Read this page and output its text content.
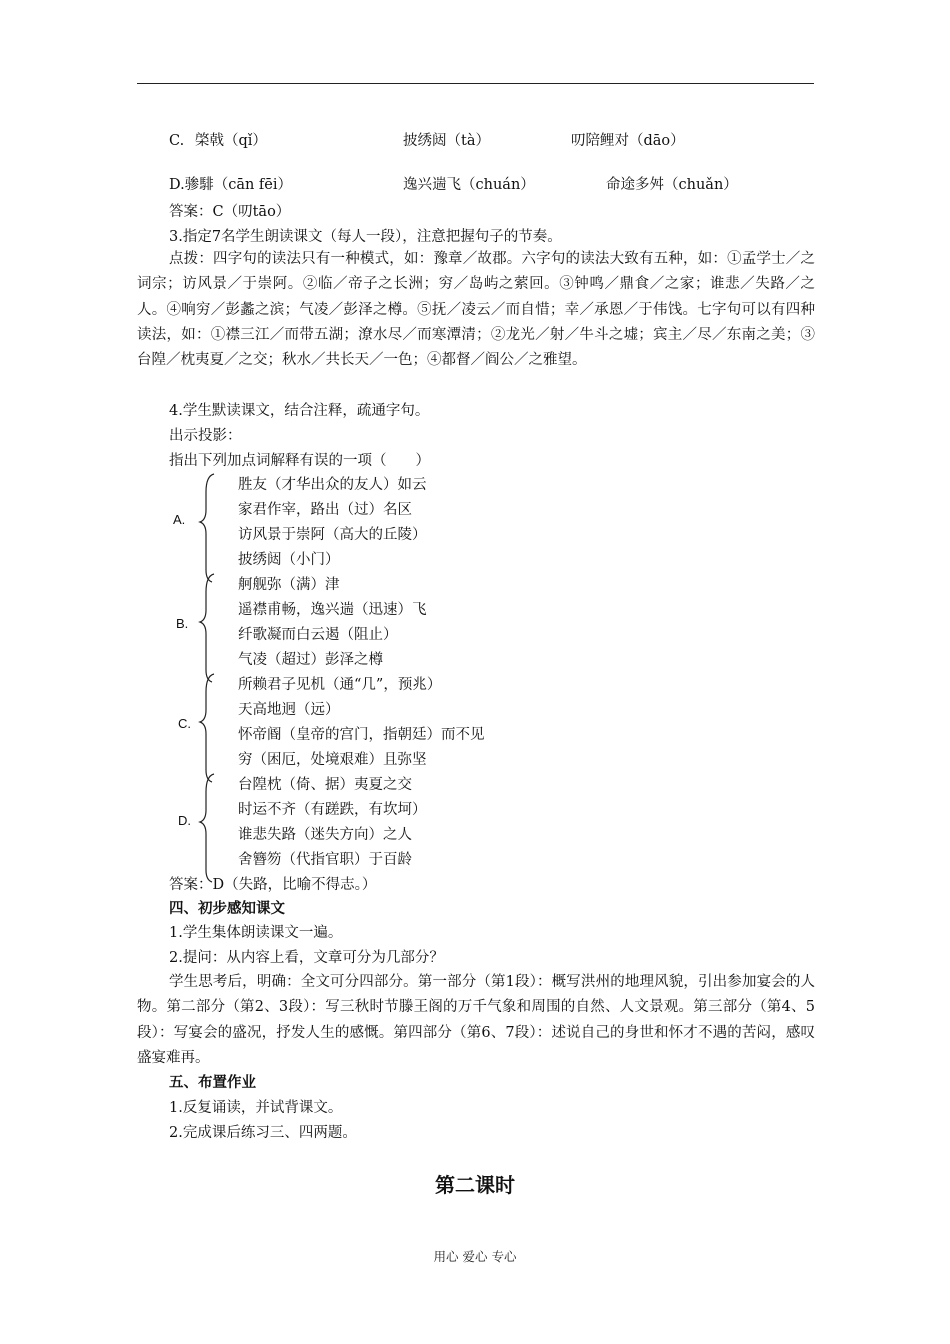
C. 棨戟（qǐ）	披绣闼（tà）	叨陪鲤对（dāo）
D.骖騑（cān fēi）	逸兴遄飞（chuán）	命途多舛（chuǎn）
答案：C（叨tāo）
3.指定7名学生朗读课文（每人一段），注意把握句子的节奏。
点拨：四字句的读法只有一种模式，如：豫章／故郡。六字句的读法大致有五种，如：①孟学士／之词宗；访风景／于崇阿。②临／帝子之长洲；穷／岛屿之萦回。③钟鸣／鼎食／之家；谁悲／失路／之人。④响穷／彭蠡之滨；气凌／彭泽之樽。⑤抚／凌云／而自惜；幸／承恩／于伟饯。七字句可以有四种读法，如：①襟三江／而带五湖；潦水尽／而寒潭清；②龙光／射／牛斗之墟；宾主／尽／东南之美；③台隍／枕夷夏／之交；秋水／共长天／一色；④都督／阎公／之雅望。
4.学生默读课文，结合注释，疏通字句。
出示投影：
指出下列加点词解释有误的一项（　　）
A.
胜友（才华出众的友人）如云
家君作宰，路出（过）名区
访风景于崇阿（高大的丘陵）
披绣闼（小门）
B.
舸舰弥（满）津
遥襟甫畅，逸兴遄（迅速）飞
纤歌凝而白云遏（阻止）
气凌（超过）彭泽之樽
C.
所赖君子见机（通“几”，预兆）
天高地迥（远）
怀帝阍（皇帝的宫门，指朝廷）而不见
穷（困厄，处境艰难）且弥坚
D.
台隍枕（倚、据）夷夏之交
时运不齐（有蹉跌，有坎坷）
谁悲失路（迷失方向）之人
舍簪笏（代指官职）于百龄
答案：D（失路，比喻不得志。）
四、初步感知课文
1.学生集体朗读课文一遍。
2.提问：从内容上看，文章可分为几部分？
学生思考后，明确：全文可分四部分。第一部分（第1段）：概写洪州的地理风貌，引出参加宴会的人物。第二部分（第2、3段）：写三秋时节滕王阁的万千气象和周围的自然、人文景观。第三部分（第4、5段）：写宴会的盛况，抒发人生的感慨。第四部分（第6、7段）：述说自己的身世和怀才不遇的苦闷，感叹盛宴难再。
五、布置作业
1.反复诵读，并试背课文。
2.完成课后练习三、四两题。
第二课时
用心 爱心 专心
